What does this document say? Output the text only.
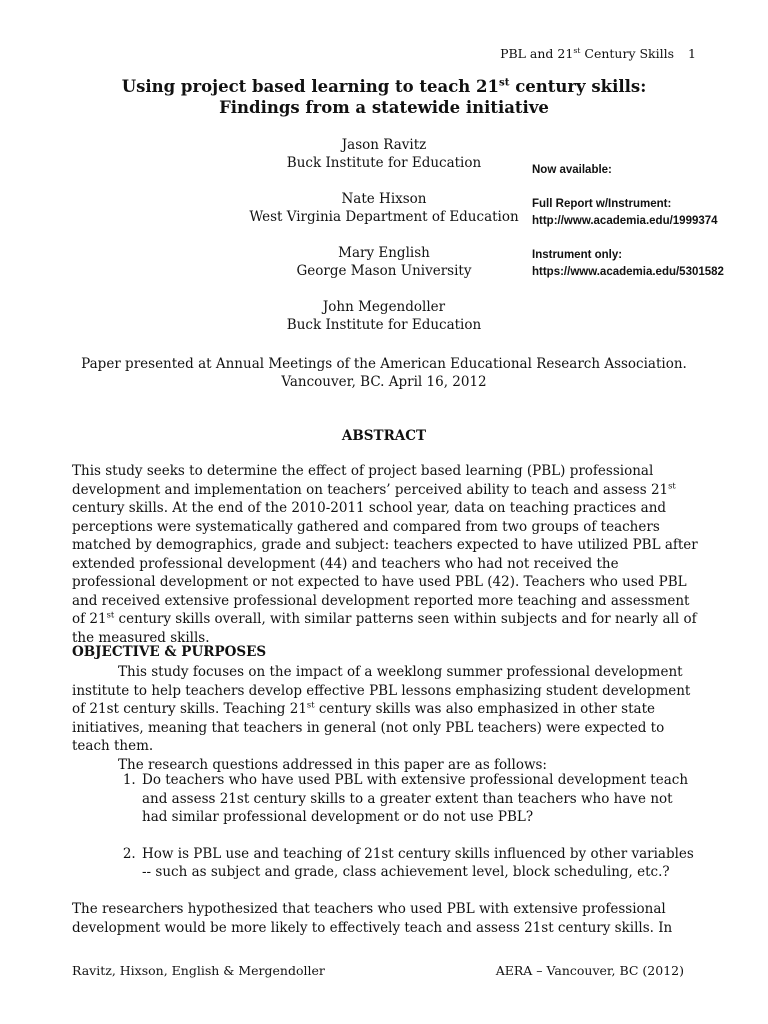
PBL and 21st Century Skills 1
Using project based learning to teach 21st century skills:
Findings from a statewide initiative
Jason Ravitz
Buck Institute for Education
Nate Hixson
West Virginia Department of Education
Mary English
George Mason University
John Megendoller
Buck Institute for Education
Now available:
Full Report w/Instrument:
http://www.academia.edu/1999374
Instrument only:
https://www.academia.edu/5301582
Paper presented at Annual Meetings of the American Educational Research Association.
Vancouver, BC. April 16, 2012
ABSTRACT

This study seeks to determine the effect of project based learning (PBL) professional development and implementation on teachers’ perceived ability to teach and assess 21st century skills. At the end of the 2010-2011 school year, data on teaching practices and perceptions were systematically gathered and compared from two groups of teachers matched by demographics, grade and subject: teachers expected to have utilized PBL after extended professional development (44) and teachers who had not received the professional development or not expected to have used PBL (42). Teachers who used PBL and received extensive professional development reported more teaching and assessment of 21st century skills overall, with similar patterns seen within subjects and for nearly all of the measured skills.

OBJECTIVE & PURPOSES

This study focuses on the impact of a weeklong summer professional development institute to help teachers develop effective PBL lessons emphasizing student development of 21st century skills. Teaching 21st century skills was also emphasized in other state initiatives, meaning that teachers in general (not only PBL teachers) were expected to teach them.

The research questions addressed in this paper are as follows:

1. Do teachers who have used PBL with extensive professional development teach and assess 21st century skills to a greater extent than teachers who have not had similar professional development or do not use PBL?
2. How is PBL use and teaching of 21st century skills influenced by other variables -- such as subject and grade, class achievement level, block scheduling, etc.?

The researchers hypothesized that teachers who used PBL with extensive professional development would be more likely to effectively teach and assess 21st century skills. In

Ravitz, Hixson, English & Mergendoller	AERA – Vancouver, BC (2012)
